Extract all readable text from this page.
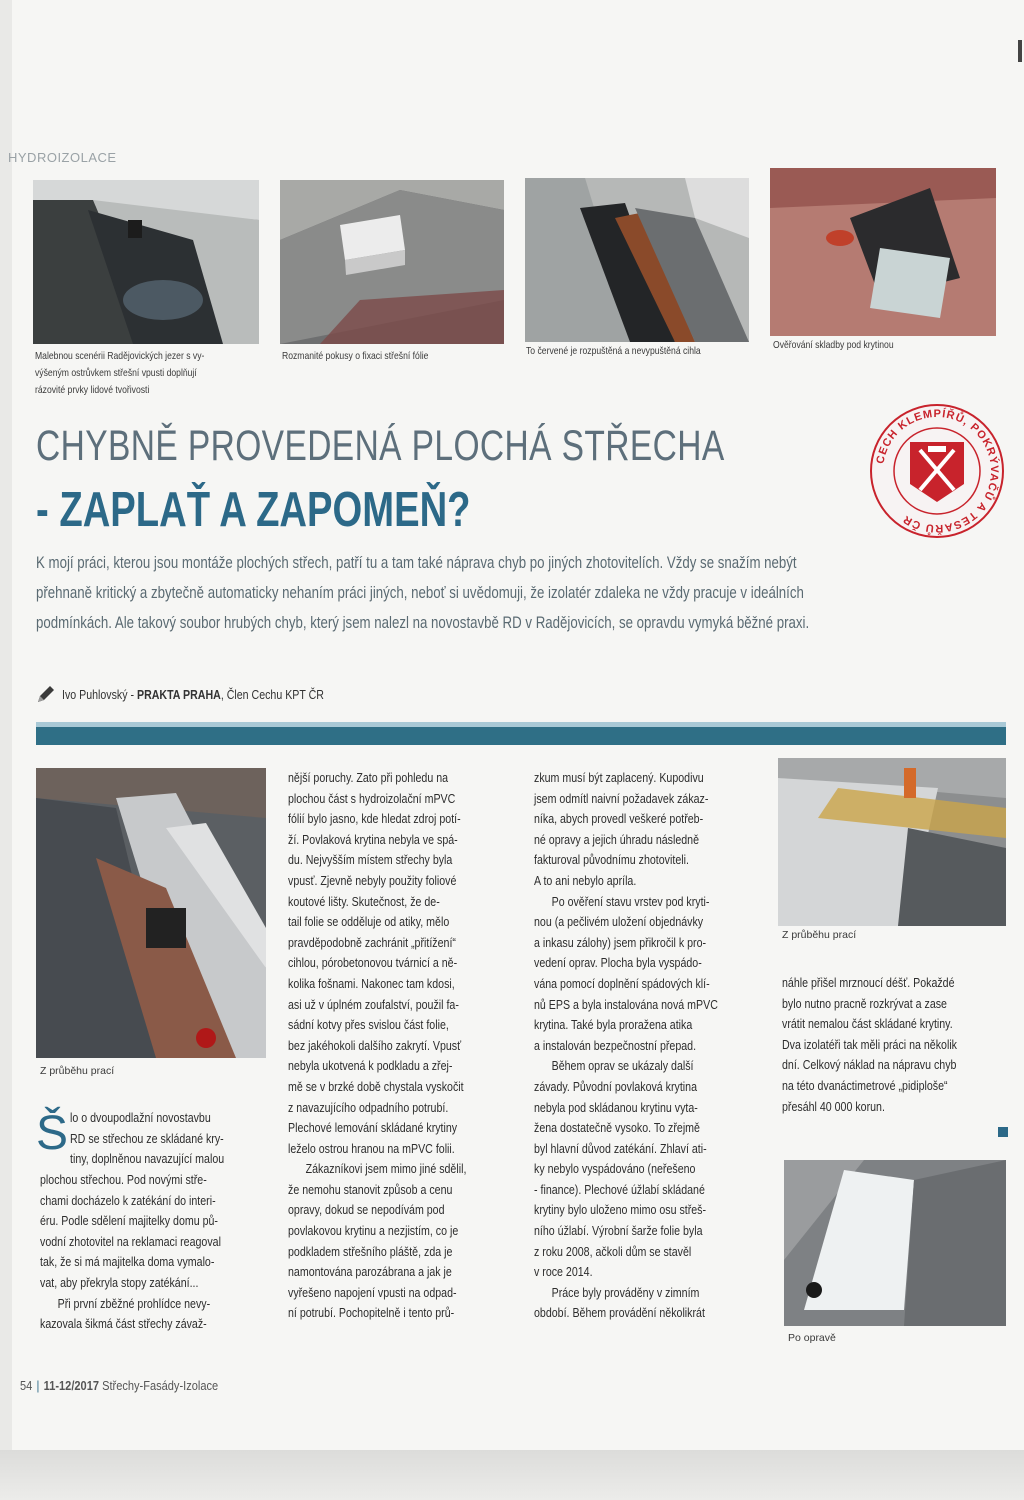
HYDROIZOLACE
Malebnou scenérii Radějovických jezer s vy-
výšeným ostrůvkem střešní vpusti doplňují
rázovité prvky lidové tvořivosti
Rozmanité pokusy o fixaci střešní fólie	To červené je rozpuštěná a nevypuštěná cihla	Ověřování skladby pod krytinou
CHYBNĚ PROVEDENÁ PLOCHÁ STŘECHA
- ZAPLAŤ A ZAPOMEŇ?
CECH KLEMPÍŘŮ, POKRÝVAČŮ A TESAŘŮ ČR
K mojí práci, kterou jsou montáže plochých střech, patří tu a tam také náprava chyb po jiných zhotovitelích. Vždy se snažím nebýt
přehnaně kritický a zbytečně automaticky nehaním práci jiných, neboť si uvědomuji, že izolatér zdaleka ne vždy pracuje v ideálních
podmínkách. Ale takový soubor hrubých chyb, který jsem nalezl na novostavbě RD v Radějovicích, se opravdu vymyká běžné praxi.
Ivo Puhlovský - PRAKTA PRAHA, Člen Cechu KPT ČR
Z průběhu prací
Z průběhu prací
Po opravě
Š lo o dvoupodlažní novostavbu
RD se střechou ze skládané kry-
tiny, doplněnou navazující malou
plochou střechou. Pod novými stře-
chami docházelo k zatékání do interi-
éru. Podle sdělení majitelky domu pů-
vodní zhotovitel na reklamaci reagoval
tak, že si má majitelka doma vymalo-
vat, aby překryla stopy zatékání...
Při první zběžné prohlídce nevy-
kazovala šikmá část střechy závaž-
nější poruchy. Zato při pohledu na
plochou část s hydroizolační mPVC
fólií bylo jasno, kde hledat zdroj potí-
ží. Povlaková krytina nebyla ve spá-
du. Nejvyšším místem střechy byla
vpusť. Zjevně nebyly použity foliové
koutové lišty. Skutečnost, že de-
tail folie se odděluje od atiky, mělo
pravděpodobně zachránit „přitížení“
cihlou, pórobetonovou tvárnicí a ně-
kolika fošnami. Nakonec tam kdosi,
asi už v úplném zoufalství, použil fa-
sádní kotvy přes svislou část folie,
bez jakéhokoli dalšího zakrytí. Vpusť
nebyla ukotvená k podkladu a zřej-
mě se v brzké době chystala vyskočit
z navazujícího odpadního potrubí.
Plechové lemování skládané krytiny
leželo ostrou hranou na mPVC folii.
Zákazníkovi jsem mimo jiné sdělil,
že nemohu stanovit způsob a cenu
opravy, dokud se nepodívám pod
povlakovou krytinu a nezjistím, co je
podkladem střešního pláště, zda je
namontována parozábrana a jak je
vyřešeno napojení vpusti na odpad-
ní potrubí. Pochopitelně i tento prů-
zkum musí být zaplacený. Kupodivu
jsem odmítl naivní požadavek zákaz-
níka, abych provedl veškeré potřeb-
né opravy a jejich úhradu následně
fakturoval původnímu zhotoviteli.
A to ani nebylo apríla.
Po ověření stavu vrstev pod kryti-
nou (a pečlivém uložení objednávky
a inkasu zálohy) jsem přikročil k pro-
vedení oprav. Plocha byla vyspádo-
vána pomocí doplnění spádových klí-
nů EPS a byla instalována nová mPVC
krytina. Také byla proražena atika
a instalován bezpečnostní přepad.
Během oprav se ukázaly další
závady. Původní povlaková krytina
nebyla pod skládanou krytinu vyta-
žena dostatečně vysoko. To zřejmě
byl hlavní důvod zatékání. Zhlaví ati-
ky nebylo vyspádováno (neřešeno
- finance). Plechové úžlabí skládané
krytiny bylo uloženo mimo osu střeš-
ního úžlabí. Výrobní šarže folie byla
z roku 2008, ačkoli dům se stavěl
v roce 2014.
Práce byly prováděny v zimním
období. Během provádění několikrát
náhle přišel mrznoucí déšť. Pokaždé
bylo nutno pracně rozkrývat a zase
vrátit nemalou část skládané krytiny.
Dva izolatéři tak měli práci na několik
dní. Celkový náklad na nápravu chyb
na této dvanáctimetrové „pidiploše“
přesáhl 40 000 korun.
54 | 11-12/2017 Střechy-Fasády-Izolace
